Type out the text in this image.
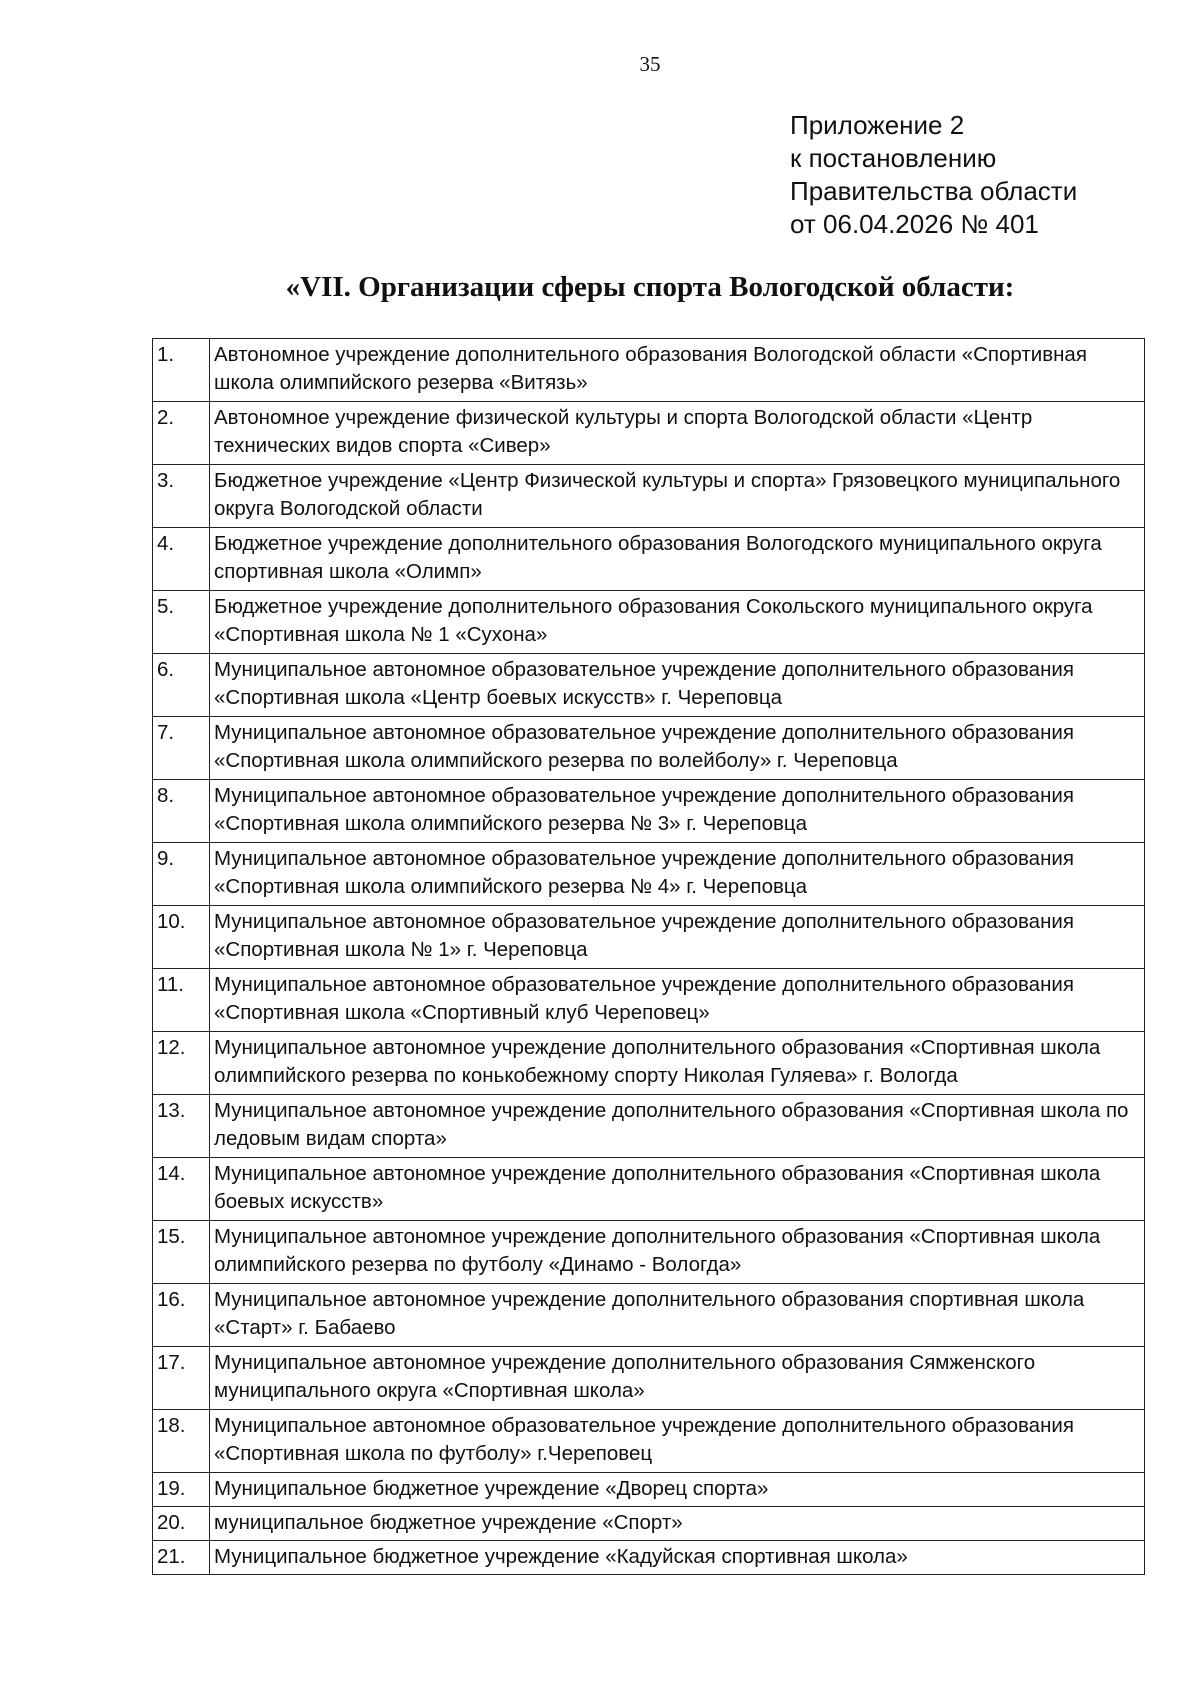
35
Приложение 2
к постановлению
Правительства области
от 06.04.2026 № 401
«VII. Организации сферы спорта Вологодской области:
1.	Автономное учреждение дополнительного образования Вологодской области «Спортивная школа олимпийского резерва «Витязь»
2.	Автономное учреждение физической культуры и спорта Вологодской области «Центр технических видов спорта «Сивер»
3.	Бюджетное учреждение «Центр Физической культуры и спорта» Грязовецкого муниципального округа Вологодской области
4.	Бюджетное учреждение дополнительного образования Вологодского муниципального округа спортивная школа «Олимп»
5.	Бюджетное учреждение дополнительного образования Сокольского муниципального округа «Спортивная школа № 1 «Сухона»
6.	Муниципальное автономное образовательное учреждение дополнительного образования «Спортивная школа «Центр боевых искусств» г. Череповца
7.	Муниципальное автономное образовательное учреждение дополнительного образования «Спортивная школа олимпийского резерва по волейболу» г. Череповца
8.	Муниципальное автономное образовательное учреждение дополнительного образования «Спортивная школа олимпийского резерва № 3» г. Череповца
9.	Муниципальное автономное образовательное учреждение дополнительного образования «Спортивная школа олимпийского резерва № 4» г. Череповца
10.	Муниципальное автономное образовательное учреждение дополнительного образования «Спортивная школа № 1» г. Череповца
11.	Муниципальное автономное образовательное учреждение дополнительного образования «Спортивная школа «Спортивный клуб Череповец»
12.	Муниципальное автономное учреждение дополнительного образования «Спортивная школа олимпийского резерва по конькобежному спорту Николая Гуляева» г. Вологда
13.	Муниципальное автономное учреждение дополнительного образования «Спортивная школа по ледовым видам спорта»
14.	Муниципальное автономное учреждение дополнительного образования «Спортивная школа боевых искусств»
15.	Муниципальное автономное учреждение дополнительного образования «Спортивная школа олимпийского резерва по футболу «Динамо - Вологда»
16.	Муниципальное автономное учреждение дополнительного образования спортивная школа «Старт» г. Бабаево
17.	Муниципальное автономное учреждение дополнительного образования Сямженского муниципального округа «Спортивная школа»
18.	Муниципальное автономное образовательное учреждение дополнительного образования «Спортивная школа по футболу» г.Череповец
19.	Муниципальное бюджетное учреждение «Дворец спорта»
20.	муниципальное бюджетное учреждение «Спорт»
21.	Муниципальное бюджетное учреждение «Кадуйская спортивная школа»
